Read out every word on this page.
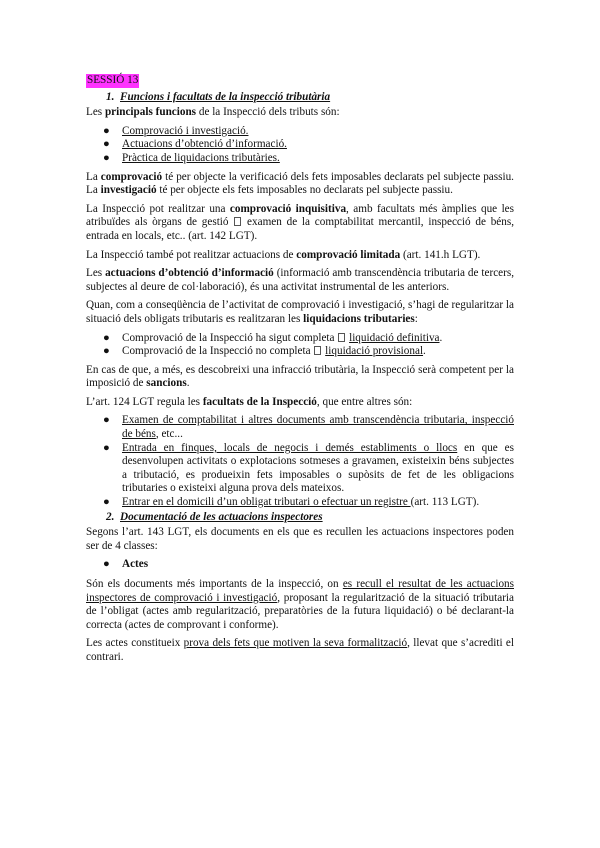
SESSIÓ 13
1. Funcions i facultats de la inspecció tributària

Les principals funcions de la Inspecció dels tributs són:

● Comprovació i investigació.
● Actuacions d’obtenció d’informació.
● Pràctica de liquidacions tributàries.

La comprovació té per objecte la verificació dels fets imposables declarats pel subjecte passiu. La investigació té per objecte els fets imposables no declarats pel subjecte passiu.

La Inspecció pot realitzar una comprovació inquisitiva, amb facultats més àmplies que les atribuïdes als òrgans de gestió  examen de la comptabilitat mercantil, inspecció de béns, entrada en locals, etc.. (art. 142 LGT).

La Inspecció també pot realitzar actuacions de comprovació limitada (art. 141.h LGT).

Les actuacions d’obtenció d’informació (informació amb transcendència tributaria de tercers, subjectes al deure de col·laboració), és una activitat instrumental de les anteriors.

Quan, com a conseqüència de l’activitat de comprovació i investigació, s’hagi de regularitzar la situació dels obligats tributaris es realitzaran les liquidacions tributaries:

● Comprovació de la Inspecció ha sigut completa  liquidació definitiva.
● Comprovació de la Inspecció no completa  liquidació provisional.

En cas de que, a més, es descobreixi una infracció tributària, la Inspecció serà competent per la imposició de sancions.

L’art. 124 LGT regula les facultats de la Inspecció, que entre altres són:

● Examen de comptabilitat i altres documents amb transcendència tributaria, inspecció de béns, etc...
● Entrada en finques, locals de negocis i demés establiments o llocs en que es desenvolupen activitats o explotacions sotmeses a gravamen, existeixin béns subjectes a tributació, es produeixin fets imposables o supòsits de fet de les obligacions tributaries o existeixi alguna prova dels mateixos.
● Entrar en el domicili d’un obligat tributari o efectuar un registre (art. 113 LGT).
2. Documentació de les actuacions inspectores

Segons l’art. 143 LGT, els documents en els que es recullen les actuacions inspectores poden ser de 4 classes:

● Actes

Són els documents més importants de la inspecció, on es recull el resultat de les actuacions inspectores de comprovació i investigació, proposant la regularització de la situació tributaria de l’obligat (actes amb regularització, preparatòries de la futura liquidació) o bé declarant-la correcta (actes de comprovant i conforme).

Les actes constitueix prova dels fets que motiven la seva formalització, llevat que s’acrediti el contrari.
